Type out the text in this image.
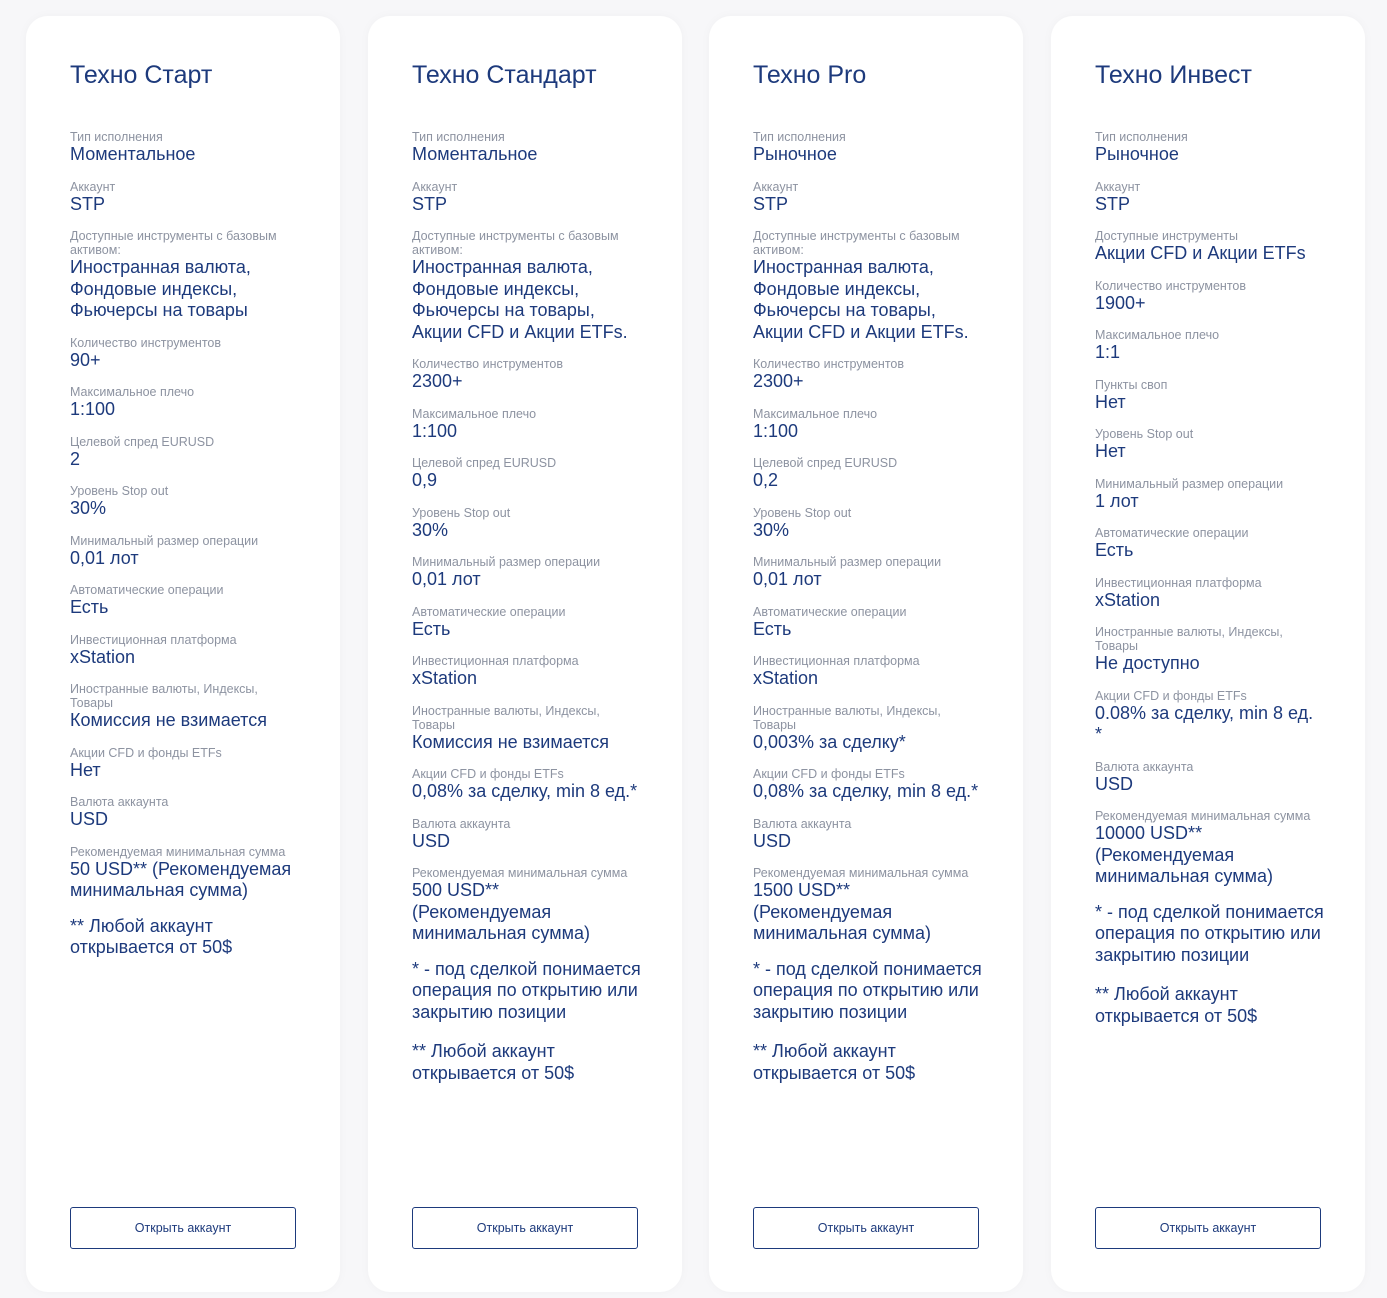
Техно Старт
Тип исполнения
Моментальное
Аккаунт
STP
Доступные инструменты с базовым активом:
Иностранная валюта, Фондовые индексы, Фьючерсы на товары
Количество инструментов
90+
Максимальное плечо
1:100
Целевой спред EURUSD
2
Уровень Stop out
30%
Минимальный размер операции
0,01 лот
Автоматические операции
Есть
Инвестиционная платформа
xStation
Иностранные валюты, Индексы, Товары
Комиссия не взимается
Акции CFD и фонды ETFs
Нет
Валюта аккаунта
USD
Рекомендуемая минимальная сумма
50 USD** (Рекомендуемая минимальная сумма)
** Любой аккаунт открывается от 50$
Открыть аккаунт
Техно Стандарт
Тип исполнения
Моментальное
Аккаунт
STP
Доступные инструменты с базовым активом:
Иностранная валюта, Фондовые индексы, Фьючерсы на товары, Акции CFD и Акции ETFs.
Количество инструментов
2300+
Максимальное плечо
1:100
Целевой спред EURUSD
0,9
Уровень Stop out
30%
Минимальный размер операции
0,01 лот
Автоматические операции
Есть
Инвестиционная платформа
xStation
Иностранные валюты, Индексы, Товары
Комиссия не взимается
Акции CFD и фонды ETFs
0,08% за сделку, min 8 ед.*
Валюта аккаунта
USD
Рекомендуемая минимальная сумма
500 USD** (Рекомендуемая минимальная сумма)
* - под сделкой понимается операция по открытию или закрытию позиции
** Любой аккаунт открывается от 50$
Открыть аккаунт
Техно Pro
Тип исполнения
Рыночное
Аккаунт
STP
Доступные инструменты с базовым активом:
Иностранная валюта, Фондовые индексы, Фьючерсы на товары, Акции CFD и Акции ETFs.
Количество инструментов
2300+
Максимальное плечо
1:100
Целевой спред EURUSD
0,2
Уровень Stop out
30%
Минимальный размер операции
0,01 лот
Автоматические операции
Есть
Инвестиционная платформа
xStation
Иностранные валюты, Индексы, Товары
0,003% за сделку*
Акции CFD и фонды ETFs
0,08% за сделку, min 8 ед.*
Валюта аккаунта
USD
Рекомендуемая минимальная сумма
1500 USD** (Рекомендуемая минимальная сумма)
* - под сделкой понимается операция по открытию или закрытию позиции
** Любой аккаунт открывается от 50$
Открыть аккаунт
Техно Инвест
Тип исполнения
Рыночное
Аккаунт
STP
Доступные инструменты
Акции CFD и Акции ETFs
Количество инструментов
1900+
Максимальное плечо
1:1
Пункты своп
Нет
Уровень Stop out
Нет
Минимальный размер операции
1 лот
Автоматические операции
Есть
Инвестиционная платформа
xStation
Иностранные валюты, Индексы, Товары
Не доступно
Акции CFD и фонды ETFs
0.08% за сделку, min 8 ед. *
Валюта аккаунта
USD
Рекомендуемая минимальная сумма
10000 USD** (Рекомендуемая минимальная сумма)
* - под сделкой понимается операция по открытию или закрытию позиции
** Любой аккаунт открывается от 50$
Открыть аккаунт
